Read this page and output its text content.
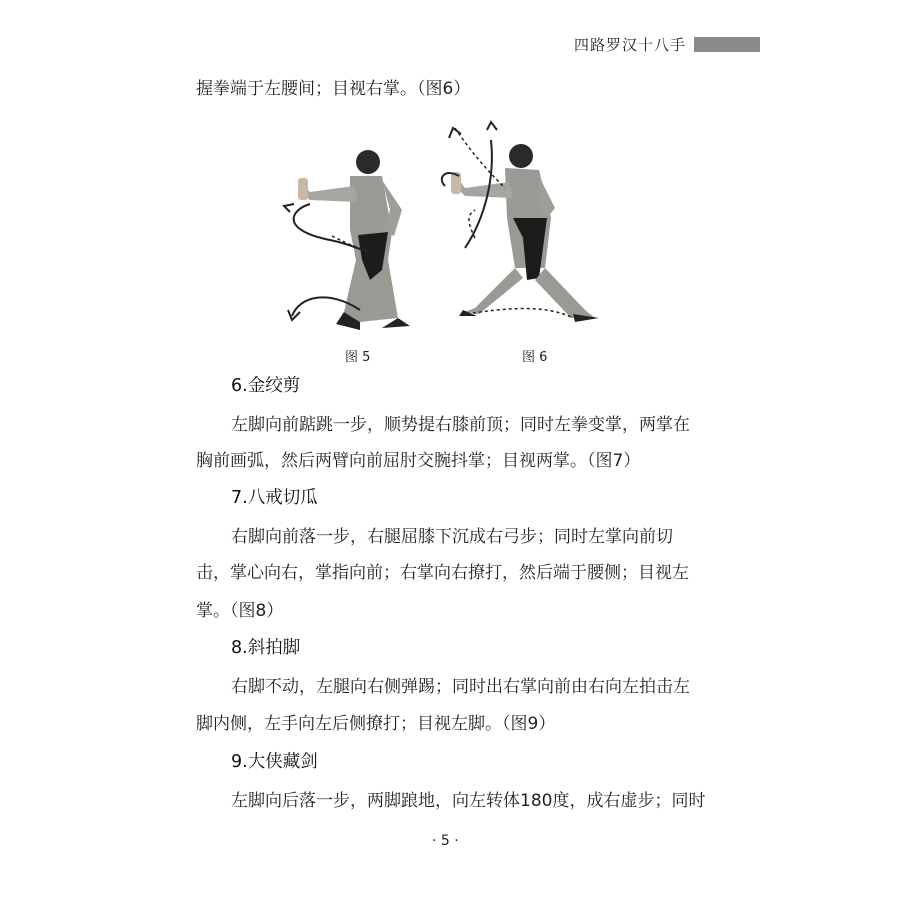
四路罗汉十八手
握拳端于左腰间；目视右掌。（图6）
图 5	图 6
6.金绞剪
左脚向前踮跳一步，顺势提右膝前顶；同时左拳变掌，两掌在
胸前画弧，然后两臂向前屈肘交腕抖掌；目视两掌。（图7）
7.八戒切瓜
右脚向前落一步，右腿屈膝下沉成右弓步；同时左掌向前切
击，掌心向右，掌指向前；右掌向右撩打，然后端于腰侧；目视左
掌。（图8）
8.斜拍脚
右脚不动，左腿向右侧弹踢；同时出右掌向前由右向左拍击左
脚内侧，左手向左后侧撩打；目视左脚。（图9）
9.大侠藏剑
左脚向后落一步，两脚踉地，向左转体180度，成右虚步；同时
· 5 ·
